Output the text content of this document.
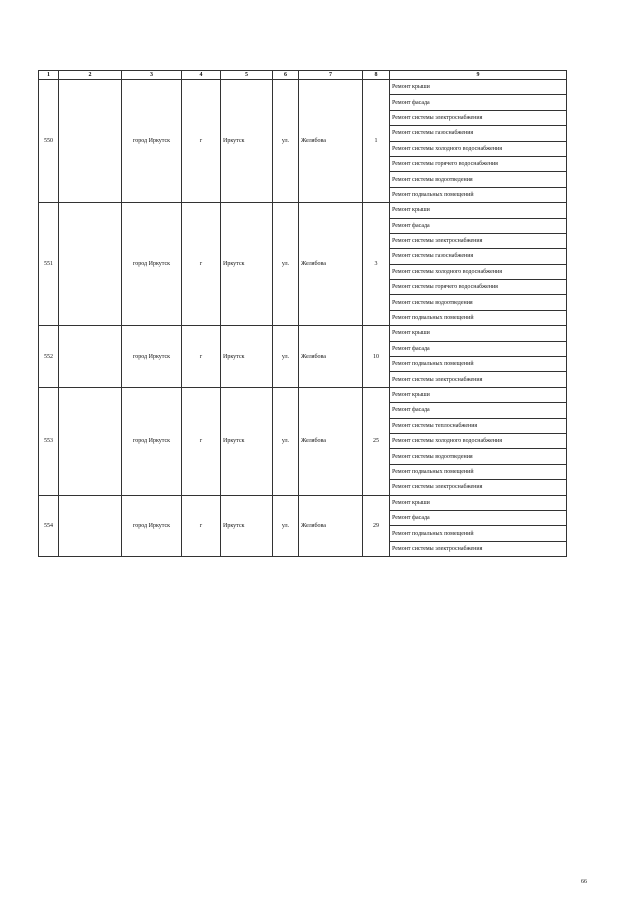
1	2	3	4	5	6	7	8	9
550		город Иркутск	г	Иркутск	ул.	Желябова	1	Ремонт крыши
								Ремонт фасада
								Ремонт системы электроснабжения
								Ремонт системы газоснабжения
								Ремонт системы холодного водоснабжения
								Ремонт системы горячего водоснабжения
								Ремонт системы водоотведения
								Ремонт подвальных помещений
551		город Иркутск	г	Иркутск	ул.	Желябова	3	Ремонт крыши
								Ремонт фасада
								Ремонт системы электроснабжения
								Ремонт системы газоснабжения
								Ремонт системы холодного водоснабжения
								Ремонт системы горячего водоснабжения
								Ремонт системы водоотведения
								Ремонт подвальных помещений
552		город Иркутск	г	Иркутск	ул.	Желябова	10	Ремонт крыши
								Ремонт фасада
								Ремонт подвальных помещений
								Ремонт системы электроснабжения
553		город Иркутск	г	Иркутск	ул.	Желябова	25	Ремонт крыши
								Ремонт фасада
								Ремонт системы теплоснабжения
								Ремонт системы холодного водоснабжения
								Ремонт системы водоотведения
								Ремонт подвальных помещений
								Ремонт системы электроснабжения
554		город Иркутск	г	Иркутск	ул.	Желябова	29	Ремонт крыши
								Ремонт фасада
								Ремонт подвальных помещений
								Ремонт системы электроснабжения
66
